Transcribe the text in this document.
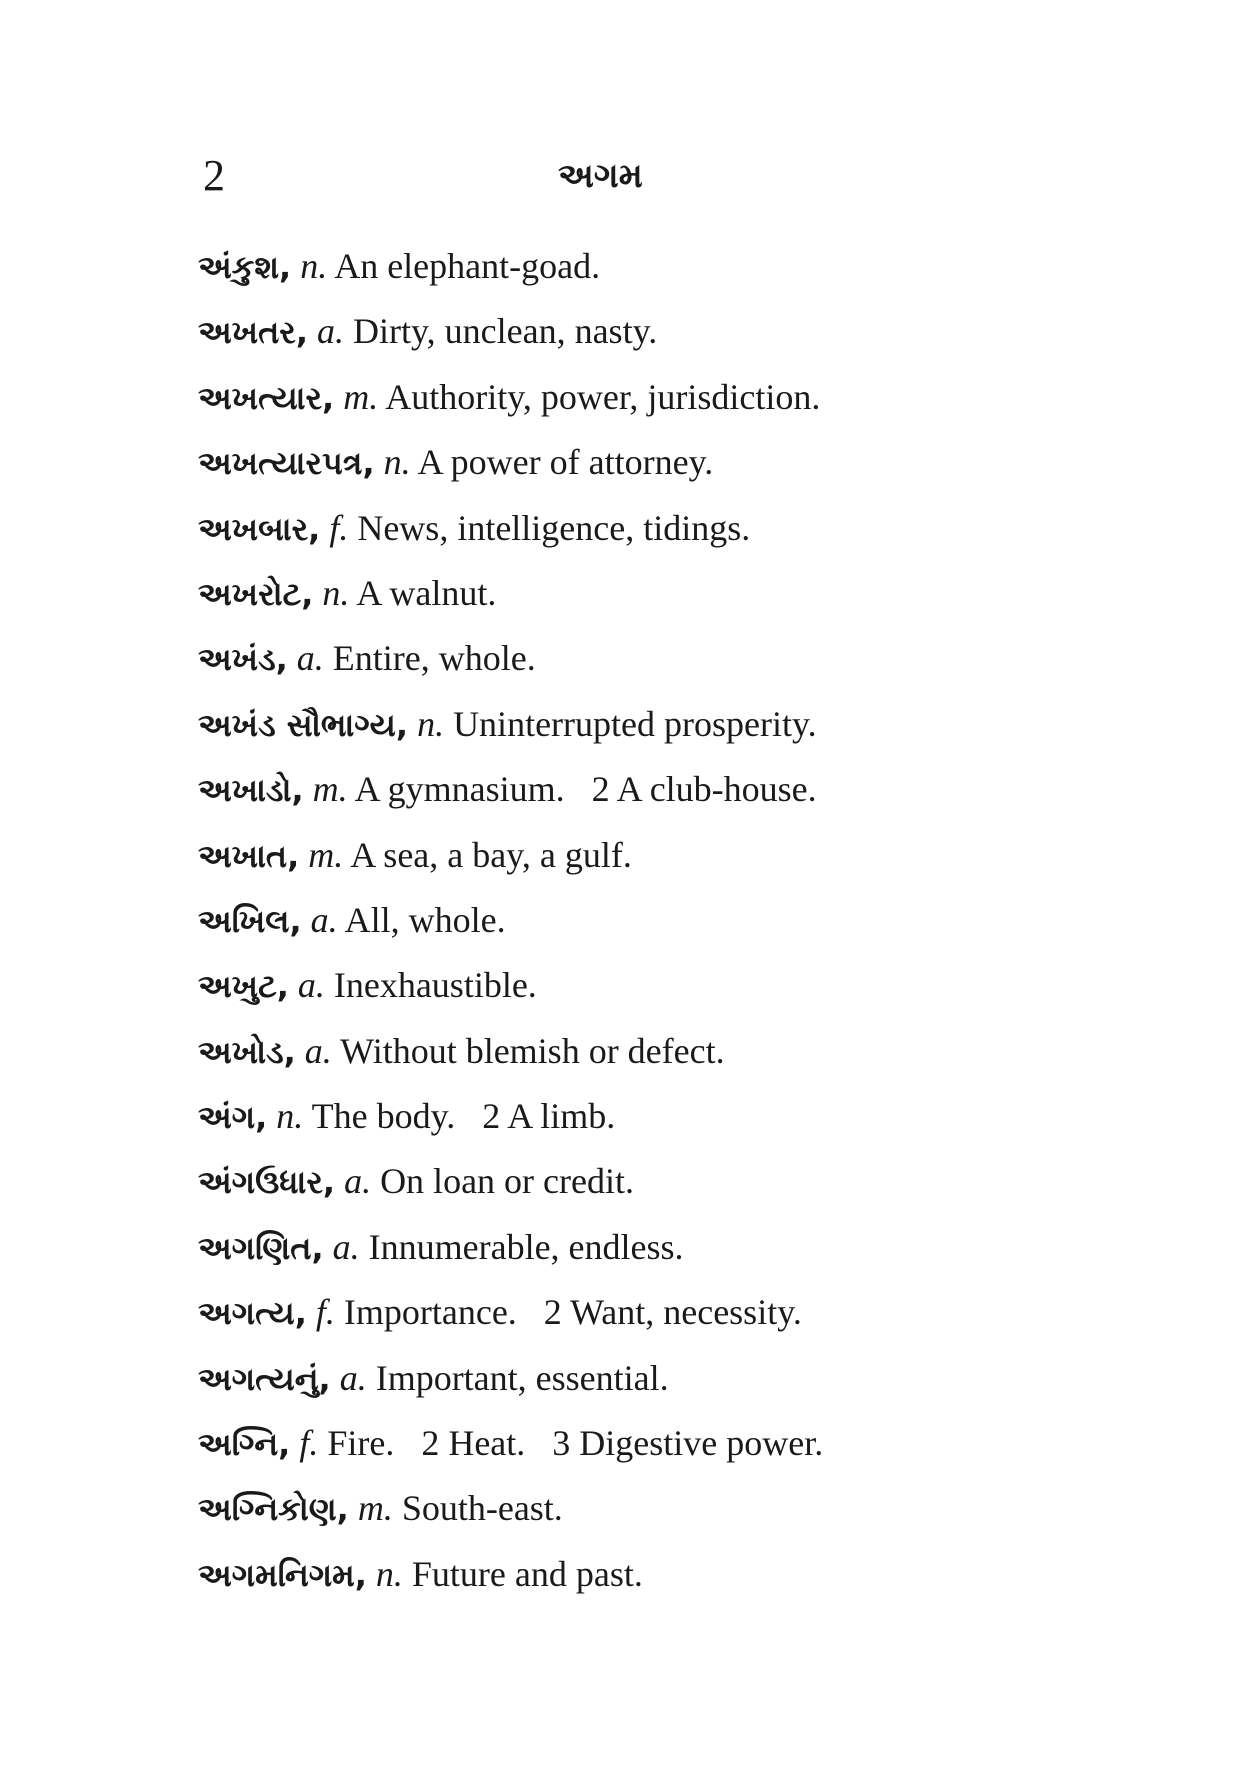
2	અગમ
અંકુશ, n. An elephant-goad.
અખતર, a. Dirty, unclean, nasty.
અખત્યાર, m. Authority, power, jurisdiction.
અખત્યારપત્ર, n. A power of attorney.
અખબાર, f. News, intelligence, tidings.
અખરોટ, n. A walnut.
અખંડ, a. Entire, whole.
અખંડ સૌભાગ્ય, n. Uninterrupted prosperity.
અખાડો, m. A gymnasium.   2 A club-house.
અખાત, m. A sea, a bay, a gulf.
અખિલ, a. All, whole.
અખુટ, a. Inexhaustible.
અખોડ, a. Without blemish or defect.
અંગ, n. The body.   2 A limb.
અંગઉધાર, a. On loan or credit.
અગણિત, a. Innumerable, endless.
અગત્ય, f. Importance.   2 Want, necessity.
અગત્યનું, a. Important, essential.
અગ્નિ, f. Fire.   2 Heat.   3 Digestive power.
અગ્નિકોણ, m. South-east.
અગમનિગમ, n. Future and past.
